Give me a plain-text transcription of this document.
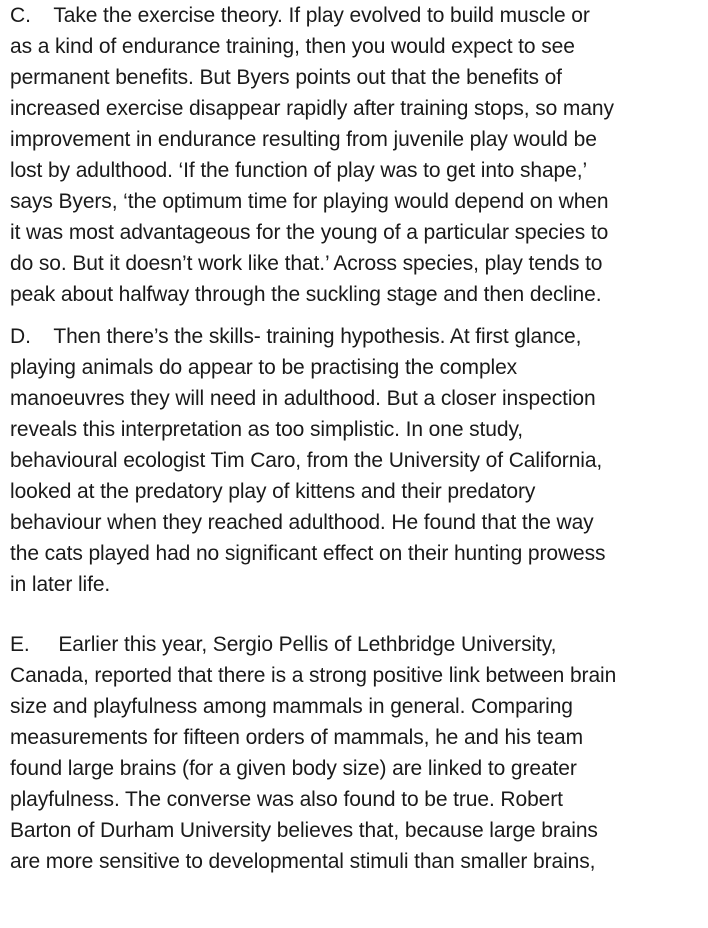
C.    Take the exercise theory. If play evolved to build muscle or
as a kind of endurance training, then you would expect to see
permanent benefits. But Byers points out that the benefits of
increased exercise disappear rapidly after training stops, so many
improvement in endurance resulting from juvenile play would be
lost by adulthood. ‘If the function of play was to get into shape,’
says Byers, ‘the optimum time for playing would depend on when
it was most advantageous for the young of a particular species to
do so. But it doesn’t work like that.’ Across species, play tends to
peak about halfway through the suckling stage and then decline.
D.    Then there’s the skills- training hypothesis. At first glance,
playing animals do appear to be practising the complex
manoeuvres they will need in adulthood. But a closer inspection
reveals this interpretation as too simplistic. In one study,
behavioural ecologist Tim Caro, from the University of California,
looked at the predatory play of kittens and their predatory
behaviour when they reached adulthood. He found that the way
the cats played had no significant effect on their hunting prowess
in later life.
E.     Earlier this year, Sergio Pellis of Lethbridge University,
Canada, reported that there is a strong positive link between brain
size and playfulness among mammals in general. Comparing
measurements for fifteen orders of mammals, he and his team
found large brains (for a given body size) are linked to greater
playfulness. The converse was also found to be true. Robert
Barton of Durham University believes that, because large brains
are more sensitive to developmental stimuli than smaller brains,
